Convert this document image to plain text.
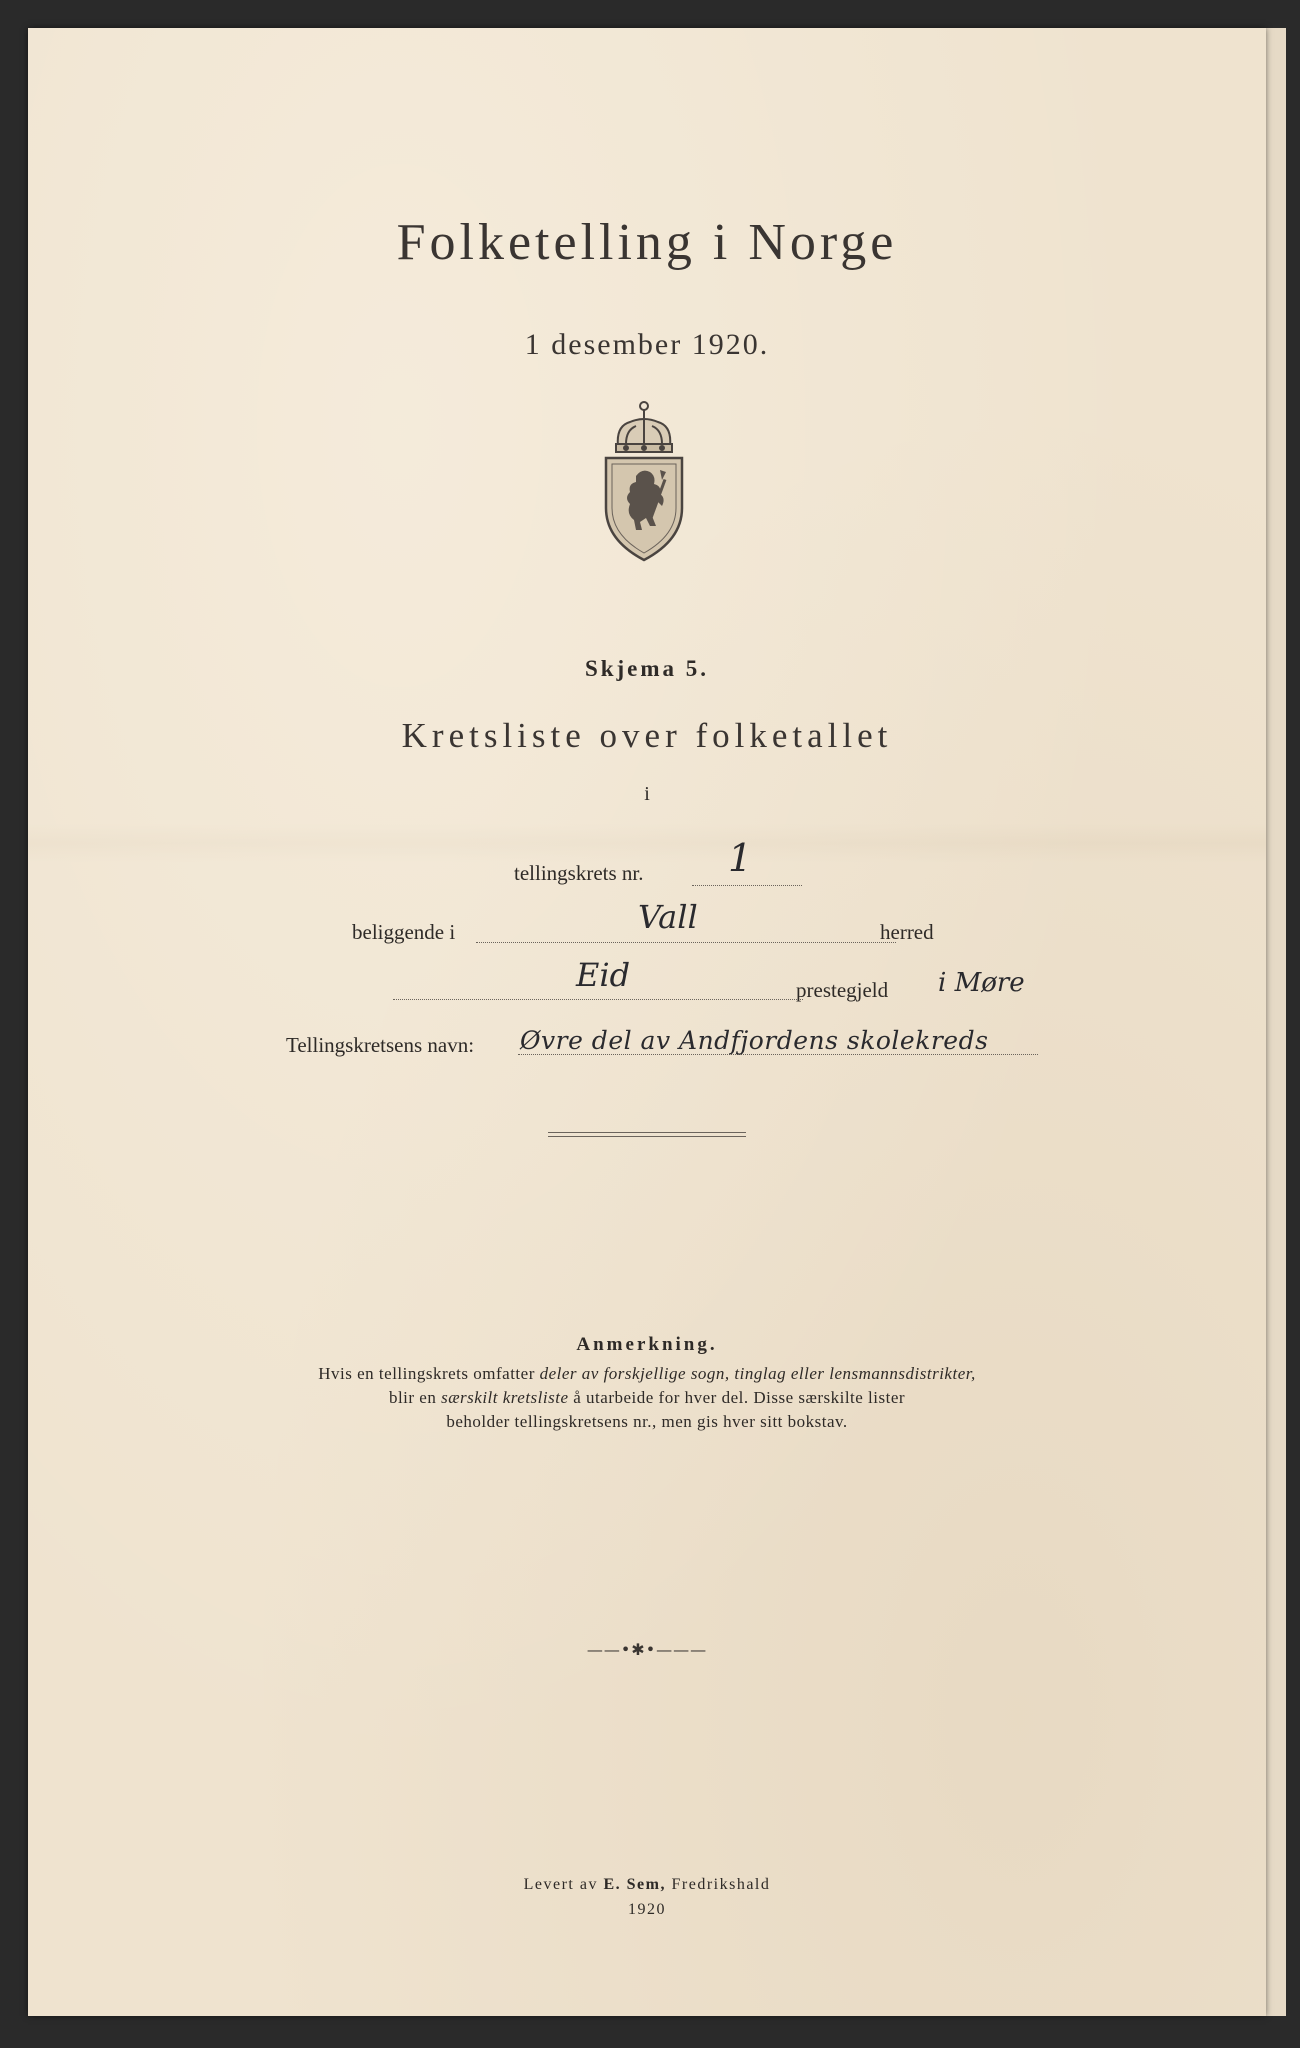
Folketelling i Norge
1 desember 1920.
Skjema 5.
Kretsliste over folketallet
i
tellingskrets nr. 1
beliggende i	Vall	herred
Eid	prestegjeld i Møre
Tellingskretsens navn: Øvre del av Andfjordens skolekreds
Anmerkning.
Hvis en tellingskrets omfatter deler av forskjellige sogn, tinglag eller lensmannsdistrikter,
blir en særskilt kretsliste å utarbeide for hver del. Disse særskilte lister
beholder tellingskretsens nr., men gis hver sitt bokstav.
——•✱•———
Levert av E. Sem, Fredrikshald
1920
